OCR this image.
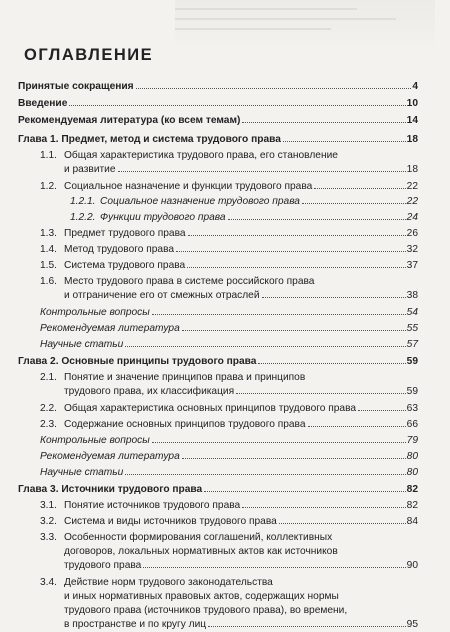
ОГЛАВЛЕНИЕ
Принятые сокращения	4
Введение	10
Рекомендуемая литература (ко всем темам)	14
Глава 1. Предмет, метод и система трудового права	18
1.1. Общая характеристика трудового права, его становление
и развитие	18
1.2. Социальное назначение и функции трудового права	22
1.2.1. Социальное назначение трудового права	22
1.2.2. Функции трудового права	24
1.3. Предмет трудового права	26
1.4. Метод трудового права	32
1.5. Система трудового права	37
1.6. Место трудового права в системе российского права
и отграничение его от смежных отраслей	38
Контрольные вопросы	54
Рекомендуемая литература	55
Научные статьи	57
Глава 2. Основные принципы трудового права	59
2.1. Понятие и значение принципов права и принципов
трудового права, их классификация	59
2.2. Общая характеристика основных принципов трудового права	63
2.3. Содержание основных принципов трудового права	66
Контрольные вопросы	79
Рекомендуемая литература	80
Научные статьи	80
Глава 3. Источники трудового права	82
3.1. Понятие источников трудового права	82
3.2. Система и виды источников трудового права	84
3.3. Особенности формирования соглашений, коллективных
договоров, локальных нормативных актов как источников
трудового права	90
3.4. Действие норм трудового законодательства
и иных нормативных правовых актов, содержащих нормы
трудового права (источников трудового права), во времени,
в пространстве и по кругу лиц	95
